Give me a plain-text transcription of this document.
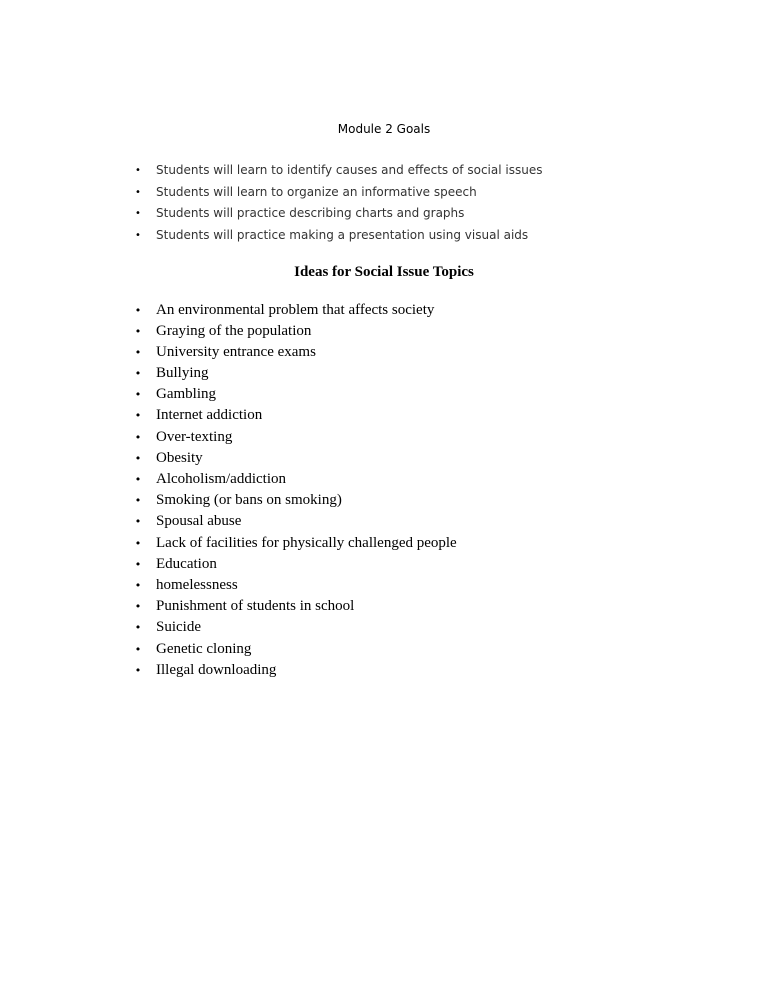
Module 2 Goals
• Students will learn to identify causes and effects of social issues
• Students will learn to organize an informative speech
• Students will practice describing charts and graphs
• Students will practice making a presentation using visual aids
Ideas for Social Issue Topics
• An environmental problem that affects society
• Graying of the population
• University entrance exams
• Bullying
• Gambling
• Internet addiction
• Over-texting
• Obesity
• Alcoholism/addiction
• Smoking (or bans on smoking)
• Spousal abuse
• Lack of facilities for physically challenged people
• Education
• homelessness
• Punishment of students in school
• Suicide
• Genetic cloning
• Illegal downloading
